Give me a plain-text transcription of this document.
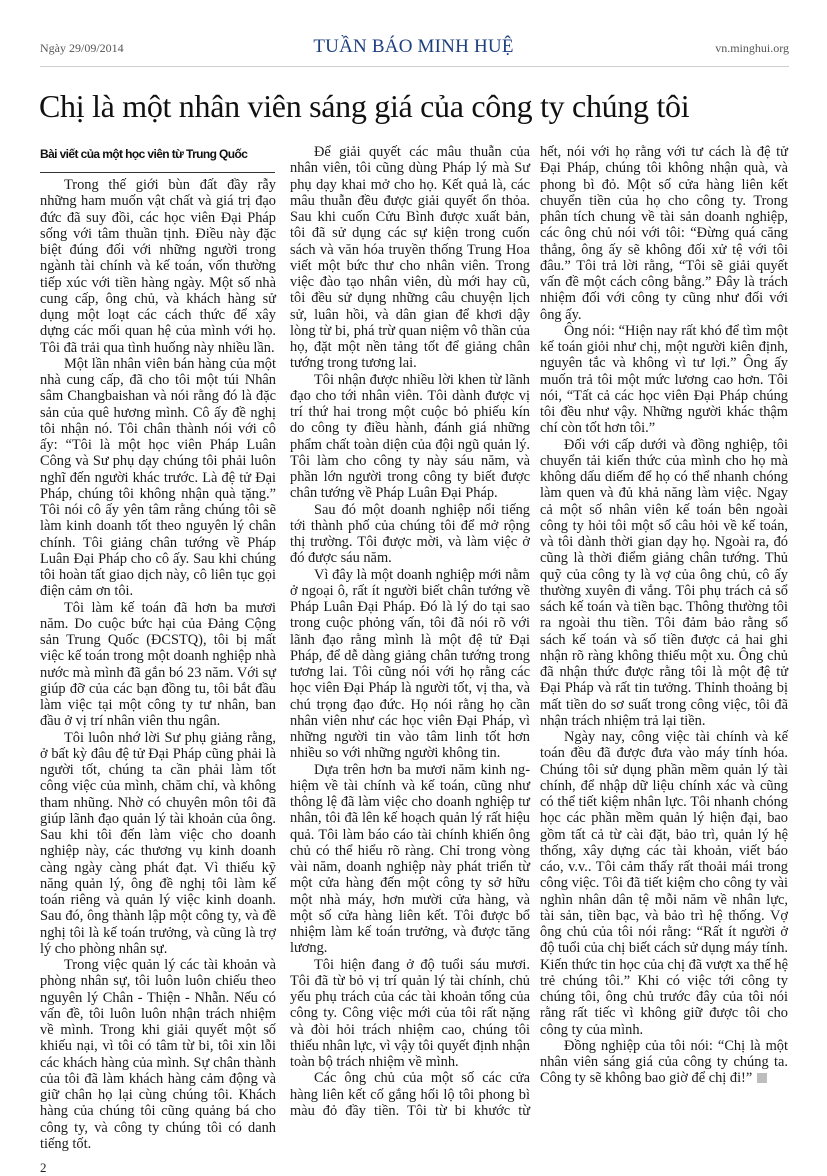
Ngày 29/09/2014	TUẦN BÁO MINH HUỆ	vn.minghui.org
Chị là một nhân viên sáng giá của công ty chúng tôi
Bài viết của một học viên từ Trung Quốc

Trong thế giới bùn đất đầy rẫy những ham muốn vật chất và giá trị đạo đức đã suy đồi, các học viên Đại Pháp sống với tâm thuần tịnh. Điều này đặc biệt đúng đối với những người trong ngành tài chính và kế toán, vốn thường tiếp xúc với tiền hàng ngày. Một số nhà cung cấp, ông chủ, và khách hàng sử dụng một loạt các cách thức để xây dựng các mối quan hệ của mình với họ. Tôi đã trải qua tình huống này nhiều lần.

Một lần nhân viên bán hàng của một nhà cung cấp, đã cho tôi một túi Nhân sâm Changbaishan và nói rằng đó là đặc sản của quê hương mình. Cô ấy đề nghị tôi nhận nó. Tôi chân thành nói với cô ấy: “Tôi là một học viên Pháp Luân Công và Sư phụ dạy chúng tôi phải luôn nghĩ đến người khác trước. Là đệ tử Đại Pháp, chúng tôi không nhận quà tặng.” Tôi nói cô ấy yên tâm rằng chúng tôi sẽ làm kinh doanh tốt theo nguyên lý chân chính. Tôi giảng chân tướng về Pháp Luân Đại Pháp cho cô ấy. Sau khi chúng tôi hoàn tất giao dịch này, cô liên tục gọi điện cảm ơn tôi.

Tôi làm kế toán đã hơn ba mươi năm. Do cuộc bức hại của Đảng Cộng sản Trung Quốc (ĐCSTQ), tôi bị mất việc kế toán trong một doanh nghiệp nhà nước mà mình đã gắn bó 23 năm. Với sự giúp đỡ của các bạn đồng tu, tôi bắt đầu làm việc tại một công ty tư nhân, ban đầu ở vị trí nhân viên thu ngân.

Tôi luôn nhớ lời Sư phụ giảng rằng, ở bất kỳ đâu đệ tử Đại Pháp cũng phải là người tốt, chúng ta cần phải làm tốt công việc của mình, chăm chỉ, và không tham nhũng. Nhờ có chuyên môn tôi đã giúp lãnh đạo quản lý tài khoản của ông. Sau khi tôi đến làm việc cho doanh nghiệp này, các thương vụ kinh doanh càng ngày càng phát đạt. Vì thiếu kỹ năng quản lý, ông đề nghị tôi làm kế toán riêng và quản lý việc kinh doanh. Sau đó, ông thành lập một công ty, và đề nghị tôi là kế toán trưởng, và cũng là trợ lý cho phòng nhân sự.

Trong việc quản lý các tài khoản và phòng nhân sự, tôi luôn luôn chiếu theo nguyên lý Chân - Thiện - Nhẫn. Nếu có vấn đề, tôi luôn luôn nhận trách nhiệm về mình. Trong khi giải quyết một số khiếu nại, vì tôi có tâm từ bi, tôi xin lỗi các khách hàng của mình. Sự chân thành của tôi đã làm khách hàng cảm động và giữ chân họ lại cùng chúng tôi. Khách hàng của chúng tôi cũng quảng bá cho công ty, và công ty chúng tôi có danh tiếng tốt.

2

Để giải quyết các mâu thuẫn của nhân viên, tôi cũng dùng Pháp lý mà Sư phụ dạy khai mở cho họ. Kết quả là, các mâu thuẫn đều được giải quyết ổn thỏa. Sau khi cuốn Cửu Bình được xuất bản, tôi đã sử dụng các sự kiện trong cuốn sách và văn hóa truyền thống Trung Hoa viết một bức thư cho nhân viên. Trong việc đào tạo nhân viên, dù mới hay cũ, tôi đều sử dụng những câu chuyện lịch sử, luân hồi, và dân gian để khơi dậy lòng từ bi, phá trừ quan niệm vô thần của họ, đặt một nền tảng tốt để giảng chân tướng trong tương lai.

Tôi nhận được nhiều lời khen từ lãnh đạo cho tới nhân viên. Tôi dành được vị trí thứ hai trong một cuộc bỏ phiếu kín do công ty điều hành, đánh giá những phẩm chất toàn diện của đội ngũ quản lý. Tôi làm cho công ty này sáu năm, và phần lớn người trong công ty biết được chân tướng về Pháp Luân Đại Pháp.

Sau đó một doanh nghiệp nổi tiếng tới thành phố của chúng tôi để mở rộng thị trường. Tôi được mời, và làm việc ở đó được sáu năm.

Vì đây là một doanh nghiệp mới nằm ở ngoại ô, rất ít người biết chân tướng về Pháp Luân Đại Pháp. Đó là lý do tại sao trong cuộc phỏng vấn, tôi đã nói rõ với lãnh đạo rằng mình là một đệ tử Đại Pháp, để dễ dàng giảng chân tướng trong tương lai. Tôi cũng nói với họ rằng các học viên Đại Pháp là người tốt, vị tha, và chú trọng đạo đức. Họ nói rằng họ cần nhân viên như các học viên Đại Pháp, vì những người tin vào tâm linh tốt hơn nhiều so với những người không tin.

Dựa trên hơn ba mươi năm kinh ng-hiệm về tài chính và kế toán, cũng như thông lệ đã làm việc cho doanh nghiệp tư nhân, tôi đã lên kế hoạch quản lý rất hiệu quả. Tôi làm báo cáo tài chính khiến ông chủ có thể hiểu rõ ràng. Chỉ trong vòng vài năm, doanh nghiệp này phát triển từ một cửa hàng đến một công ty sở hữu một nhà máy, hơn mười cửa hàng, và một số cửa hàng liên kết. Tôi được bổ nhiệm làm kế toán trưởng, và được tăng lương.

Tôi hiện đang ở độ tuổi sáu mươi. Tôi đã từ bỏ vị trí quản lý tài chính, chủ yếu phụ trách của các tài khoản tổng của công ty. Công việc mới của tôi rất nặng và đòi hỏi trách nhiệm cao, chúng tôi thiếu nhân lực, vì vậy tôi quyết định nhận toàn bộ trách nhiệm về mình.

Các ông chủ của một số các cửa hàng liên kết cố gắng hối lộ tôi phong bì màu đỏ đầy tiền. Tôi từ bi khước từ

hết, nói với họ rằng với tư cách là đệ tử Đại Pháp, chúng tôi không nhận quà, và phong bì đỏ. Một số cửa hàng liên kết chuyển tiền của họ cho công ty. Trong phân tích chung về tài sản doanh nghiệp, các ông chủ nói với tôi: “Đừng quá căng thẳng, ông ấy sẽ không đối xử tệ với tôi đâu.” Tôi trả lời rằng, “Tôi sẽ giải quyết vấn đề một cách công bằng.” Đây là trách nhiệm đối với công ty cũng như đối với ông ấy.

Ông nói: “Hiện nay rất khó để tìm một kế toán giỏi như chị, một người kiên định, nguyên tắc và không vì tư lợi.” Ông ấy muốn trả tôi một mức lương cao hơn. Tôi nói, “Tất cả các học viên Đại Pháp chúng tôi đều như vậy. Những người khác thậm chí còn tốt hơn tôi.”

Đối với cấp dưới và đồng nghiệp, tôi chuyển tải kiến thức của mình cho họ mà không dấu diếm để họ có thể nhanh chóng làm quen và đủ khả năng làm việc. Ngay cả một số nhân viên kế toán bên ngoài công ty hỏi tôi một số câu hỏi về kế toán, và tôi dành thời gian dạy họ. Ngoài ra, đó cũng là thời điểm giảng chân tướng. Thủ quỹ của công ty là vợ của ông chủ, cô ấy thường xuyên đi vắng. Tôi phụ trách cả sổ sách kế toán và tiền bạc. Thông thường tôi ra ngoài thu tiền. Tôi đảm bảo rằng sổ sách kế toán và số tiền được cả hai ghi nhận rõ ràng không thiếu một xu. Ông chủ đã nhận thức được rằng tôi là một đệ tử Đại Pháp và rất tin tưởng. Thỉnh thoảng bị mất tiền do sơ suất trong công việc, tôi đã nhận trách nhiệm trả lại tiền.

Ngày nay, công việc tài chính và kế toán đều đã được đưa vào máy tính hóa. Chúng tôi sử dụng phần mềm quản lý tài chính, để nhập dữ liệu chính xác và cũng có thể tiết kiệm nhân lực. Tôi nhanh chóng học các phần mềm quản lý hiện đại, bao gồm tất cả từ cài đặt, bảo trì, quản lý hệ thống, xây dựng các tài khoản, viết báo cáo, v.v.. Tôi cảm thấy rất thoải mái trong công việc. Tôi đã tiết kiệm cho công ty vài nghìn nhân dân tệ mỗi năm về nhân lực, tài sản, tiền bạc, và bảo trì hệ thống. Vợ ông chủ của tôi nói rằng: “Rất ít người ở độ tuổi của chị biết cách sử dụng máy tính. Kiến thức tin học của chị đã vượt xa thế hệ trẻ chúng tôi.” Khi có việc tới công ty chúng tôi, ông chủ trước đây của tôi nói rằng rất tiếc vì không giữ được tôi cho công ty của mình.

Đồng nghiệp của tôi nói: “Chị là một nhân viên sáng giá của công ty chúng ta. Công ty sẽ không bao giờ để chị đi!”
